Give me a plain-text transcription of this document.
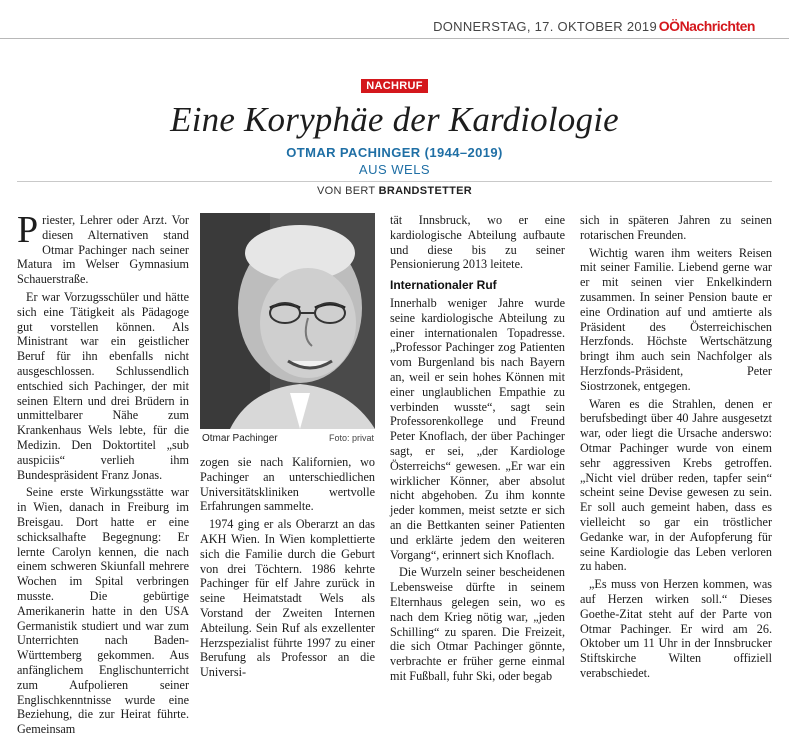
DONNERSTAG, 17. OKTOBER 2019 OÖNachrichten
NACHRUF
Eine Koryphäe der Kardiologie
OTMAR PACHINGER (1944–2019)
AUS WELS
VON BERT BRANDSTETTER

Priester, Lehrer oder Arzt. Vor diesen Alternativen stand Otmar Pachinger nach seiner Matura im Welser Gymnasium Schauerstraße.

Er war Vorzugsschüler und hätte sich eine Tätigkeit als Pädagoge gut vorstellen können. Als Ministrant war ein geistlicher Beruf für ihn ebenfalls nicht ausgeschlossen. Schlussendlich entschied sich Pachinger, der mit seinen Eltern und drei Brüdern in unmittelbarer Nähe zum Krankenhaus Wels lebte, für die Medizin. Den Doktortitel „sub auspiciis“ verlieh ihm Bundespräsident Franz Jonas.

Seine erste Wirkungsstätte war in Wien, danach in Freiburg im Breisgau. Dort hatte er eine schicksalhafte Begegnung: Er lernte Carolyn kennen, die nach einem schweren Skiunfall mehrere Wochen im Spital verbringen musste. Die gebürtige Amerikanerin hatte in den USA Germanistik studiert und war zum Unterrichten nach Baden-Württemberg gekommen. Aus anfänglichem Englischunterricht zum Aufpolieren seiner Englischkenntnisse wurde eine Beziehung, die zur Heirat führte. Gemeinsam

Otmar Pachinger	Foto: privat

zogen sie nach Kalifornien, wo Pachinger an unterschiedlichen Universitätskliniken wertvolle Erfahrungen sammelte.

1974 ging er als Oberarzt an das AKH Wien. In Wien komplettierte sich die Familie durch die Geburt von drei Töchtern. 1986 kehrte Pachinger für elf Jahre zurück in seine Heimatstadt Wels als Vorstand der Zweiten Internen Abteilung. Sein Ruf als exzellenter Herzspezialist führte 1997 zu einer Berufung als Professor an die Universi-

tät Innsbruck, wo er eine kardiologische Abteilung aufbaute und diese bis zu seiner Pensionierung 2013 leitete.

Internationaler Ruf

Innerhalb weniger Jahre wurde seine kardiologische Abteilung zu einer internationalen Topadresse. „Professor Pachinger zog Patienten vom Burgenland bis nach Bayern an, weil er sein hohes Können mit einer unglaublichen Empathie zu verbinden wusste“, sagt sein Professorenkollege und Freund Peter Knoflach, der über Pachinger sagt, er sei, „der Kardiologe Österreichs“ gewesen. „Er war ein wirklicher Könner, aber absolut nicht abgehoben. Zu ihm konnte jeder kommen, meist setzte er sich an die Bettkanten seiner Patienten und erklärte jedem den weiteren Vorgang“, erinnert sich Knoflach.

Die Wurzeln seiner bescheidenen Lebensweise dürfte in seinem Elternhaus gelegen sein, wo es nach dem Krieg nötig war, „jeden Schilling“ zu sparen. Die Freizeit, die sich Otmar Pachinger gönnte, verbrachte er früher gerne einmal mit Fußball, fuhr Ski, oder begab

sich in späteren Jahren zu seinen rotarischen Freunden.

Wichtig waren ihm weiters Reisen mit seiner Familie. Liebend gerne war er mit seinen vier Enkelkindern zusammen. In seiner Pension baute er eine Ordination auf und amtierte als Präsident des Österreichischen Herzfonds. Höchste Wertschätzung bringt ihm auch sein Nachfolger als Herzfonds-Präsident, Peter Siostrzonek, entgegen.

Waren es die Strahlen, denen er berufsbedingt über 40 Jahre ausgesetzt war, oder liegt die Ursache anderswo: Otmar Pachinger wurde von einem sehr aggressiven Krebs getroffen. „Nicht viel drüber reden, tapfer sein“ scheint seine Devise gewesen zu sein. Er soll auch gemeint haben, dass es vielleicht so gar ein tröstlicher Gedanke war, in der Aufopferung für seine Kardiologie das Leben verloren zu haben.

„Es muss von Herzen kommen, was auf Herzen wirken soll.“ Dieses Goethe-Zitat steht auf der Parte von Otmar Pachinger. Er wird am 26. Oktober um 11 Uhr in der Innsbrucker Stiftskirche Wilten offiziell verabschiedet.
